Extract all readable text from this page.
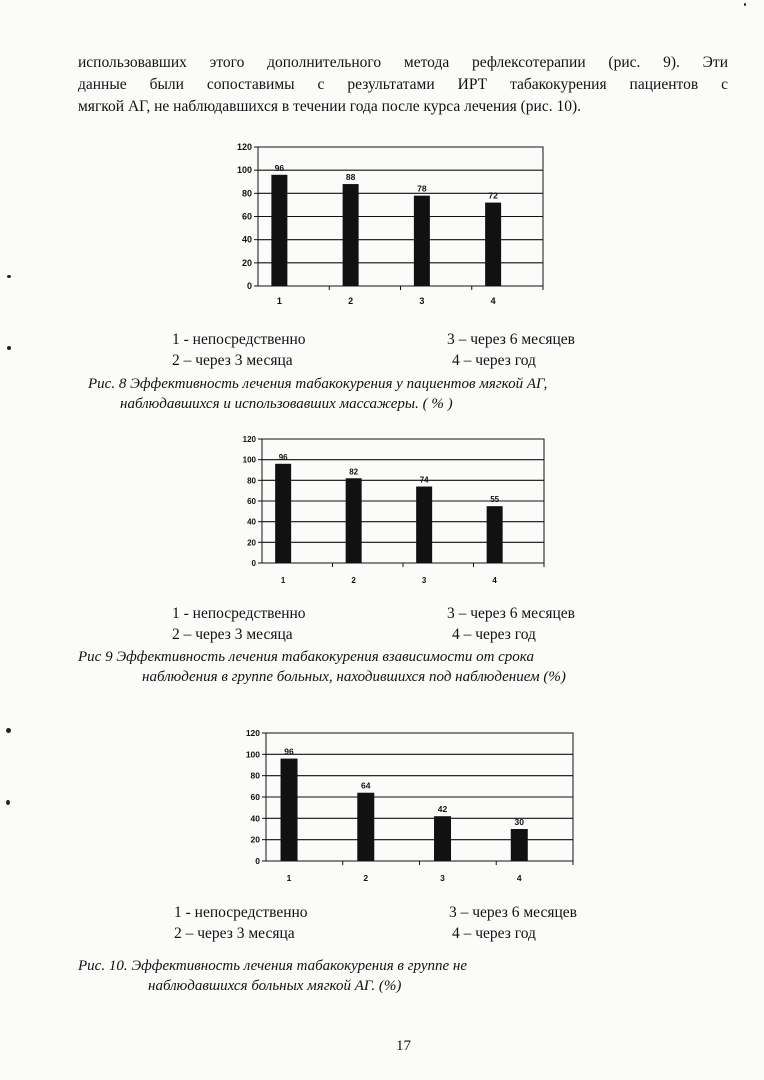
использовавших этого дополнительного метода рефлексотерапии (рис. 9). Эти
данные были сопоставимы с результатами ИРТ табакокурения пациентов с
мягкой АГ, не наблюдавшихся в течении года после курса лечения (рис. 10).
0
20
40
60
80
100
120
96
1
88
2
78
3
72
4
1 - непосредственно
2 – через 3 месяца
3 – через 6 месяцев
4 – через год
Рис. 8 Эффективность лечения табакокурения у пациентов мягкой АГ,
наблюдавшихся и использовавших массажеры. ( % )
0
20
40
60
80
100
120
96
1
82
2
74
3
55
4
1 - непосредственно
2 – через 3 месяца
3 – через 6 месяцев
4 – через год
Рис 9 Эффективность лечения табакокурения взависимости от срока
наблюдения в группе больных, находившихся под наблюдением (%)
0
20
40
60
80
100
120
96
1
64
2
42
3
30
4
1 - непосредственно
2 – через 3 месяца
3 – через 6 месяцев
4 – через год
Рис. 10. Эффективность лечения табакокурения в группе не
наблюдавшихся больных мягкой АГ. (%)
17
